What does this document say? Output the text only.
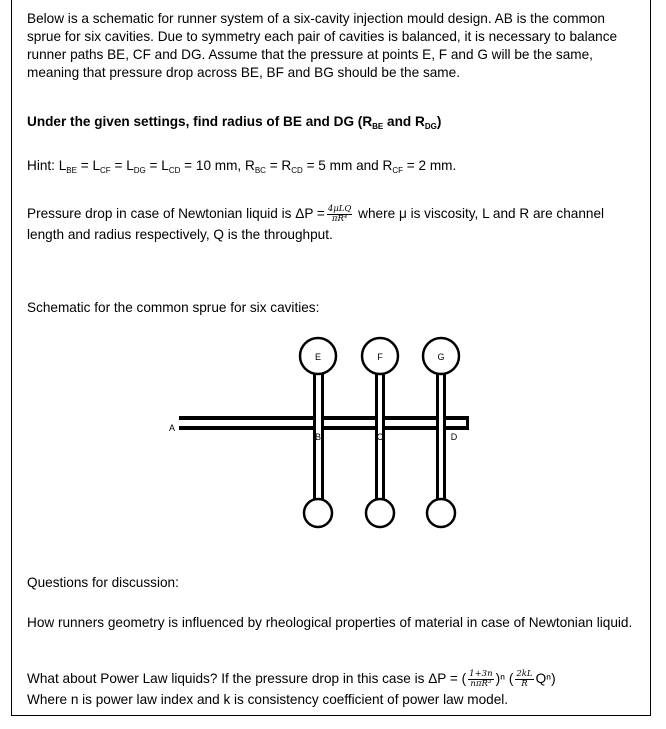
Below is a schematic for runner system of a six-cavity injection mould design. AB is the common sprue for six cavities. Due to symmetry each pair of cavities is balanced, it is necessary to balance runner paths BE, CF and DG. Assume that the pressure at points E, F and G will be the same, meaning that pressure drop across BE, BF and BG should be the same.

Under the given settings, find radius of BE and DG ($R_{BE}$ and $R_{DG}$)

Hint: $L_{BE} = L_{CF} = L_{DG} = L_{CD} = 10$ mm, $R_{BC} = R_{CD} = 5$ mm and $R_{CF} = 2$ mm.

Pressure drop in case of Newtonian liquid is $\Delta P = \frac{\text{4μLQ}}{\text{πR⁴}}$ where μ is viscosity, L and R are channel length and radius respectively, Q is the throughput.

Schematic for the common sprue for six cavities:

E	F	G
A
B	C	D

Questions for discussion:

How runners geometry is influenced by rheological properties of material in case of Newtonian liquid.

What about Power Law liquids? If the pressure drop in this case is ΔP = ( $\frac{1+3n}{\text{nπR³}} )^n$ ( $\frac{2kL}{R} Q^n$)
Where n is power law index and k is consistency coefficient of power law model.
